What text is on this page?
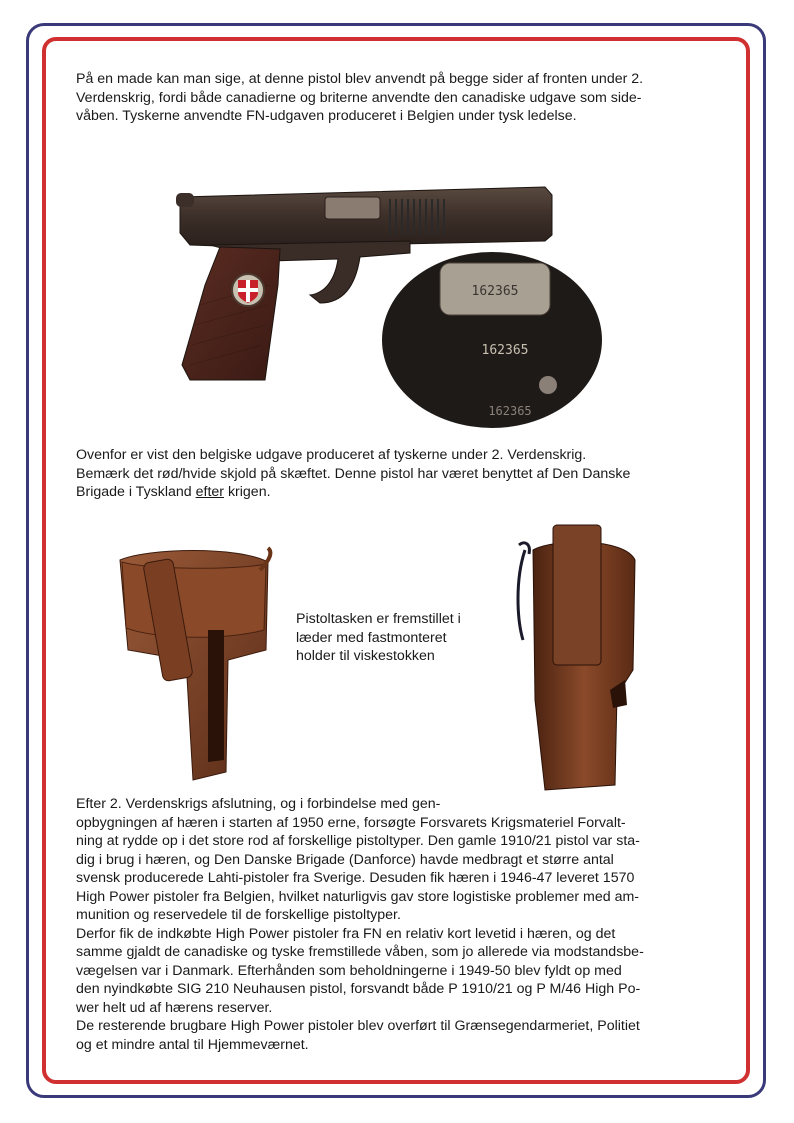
På en made kan man sige, at denne pistol blev anvendt på begge sider af fronten under 2.
Verdenskrig, fordi både canadierne og briterne anvendte den canadiske udgave som side-
våben. Tyskerne anvendte FN-udgaven produceret i Belgien under tysk ledelse.

162365
162365
162365

Ovenfor er vist den belgiske udgave produceret af tyskerne under 2. Verdenskrig.
Bemærk det rød/hvide skjold på skæftet. Denne pistol har været benyttet af Den Danske
Brigade i Tyskland efter krigen.

Pistoltasken er fremstillet i
læder med fastmonteret
holder til viskestokken

Efter 2. Verdenskrigs afslutning, og i forbindelse med gen-
opbygningen af hæren i starten af 1950 erne, forsøgte Forsvarets Krigsmateriel Forvalt-
ning at rydde op i det store rod af forskellige pistoltyper. Den gamle 1910/21 pistol var sta-
dig i brug i hæren, og Den Danske Brigade (Danforce) havde medbragt et større antal
svensk producerede Lahti-pistoler fra Sverige. Desuden fik hæren i 1946-47 leveret 1570
High Power pistoler fra Belgien, hvilket naturligvis gav store logistiske problemer med am-
munition og reservedele til de forskellige pistoltyper.
Derfor fik de indkøbte High Power pistoler fra FN en relativ kort levetid i hæren, og det
samme gjaldt de canadiske og tyske fremstillede våben, som jo allerede via modstandsbe-
vægelsen var i Danmark. Efterhånden som beholdningerne i 1949-50 blev fyldt op med
den nyindkøbte SIG 210 Neuhausen pistol, forsvandt både P 1910/21 og P M/46 High Po-
wer helt ud af hærens reserver.
De resterende brugbare High Power pistoler blev overført til Grænsegendarmeriet, Politiet
og et mindre antal til Hjemmeværnet.
